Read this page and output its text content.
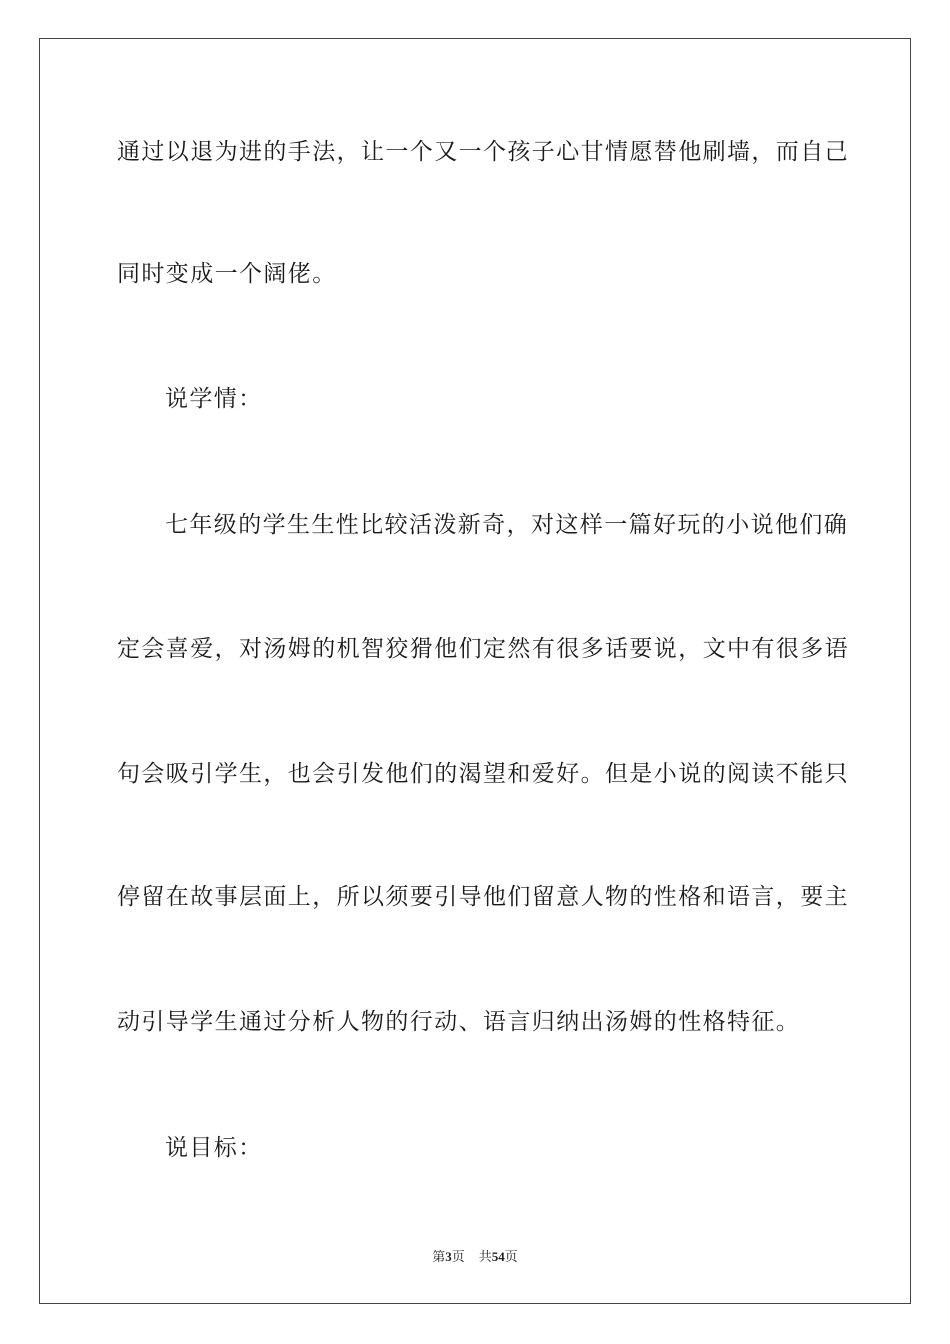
通过以退为进的手法，让一个又一个孩子心甘情愿替他刷墙，而自己
同时变成一个阔佬。
说学情：
七年级的学生生性比较活泼新奇，对这样一篇好玩的小说他们确
定会喜爱，对汤姆的机智狡猾他们定然有很多话要说，文中有很多语
句会吸引学生，也会引发他们的渴望和爱好。但是小说的阅读不能只
停留在故事层面上，所以须要引导他们留意人物的性格和语言，要主
动引导学生通过分析人物的行动、语言归纳出汤姆的性格特征。
说目标：
第3页 共54页
